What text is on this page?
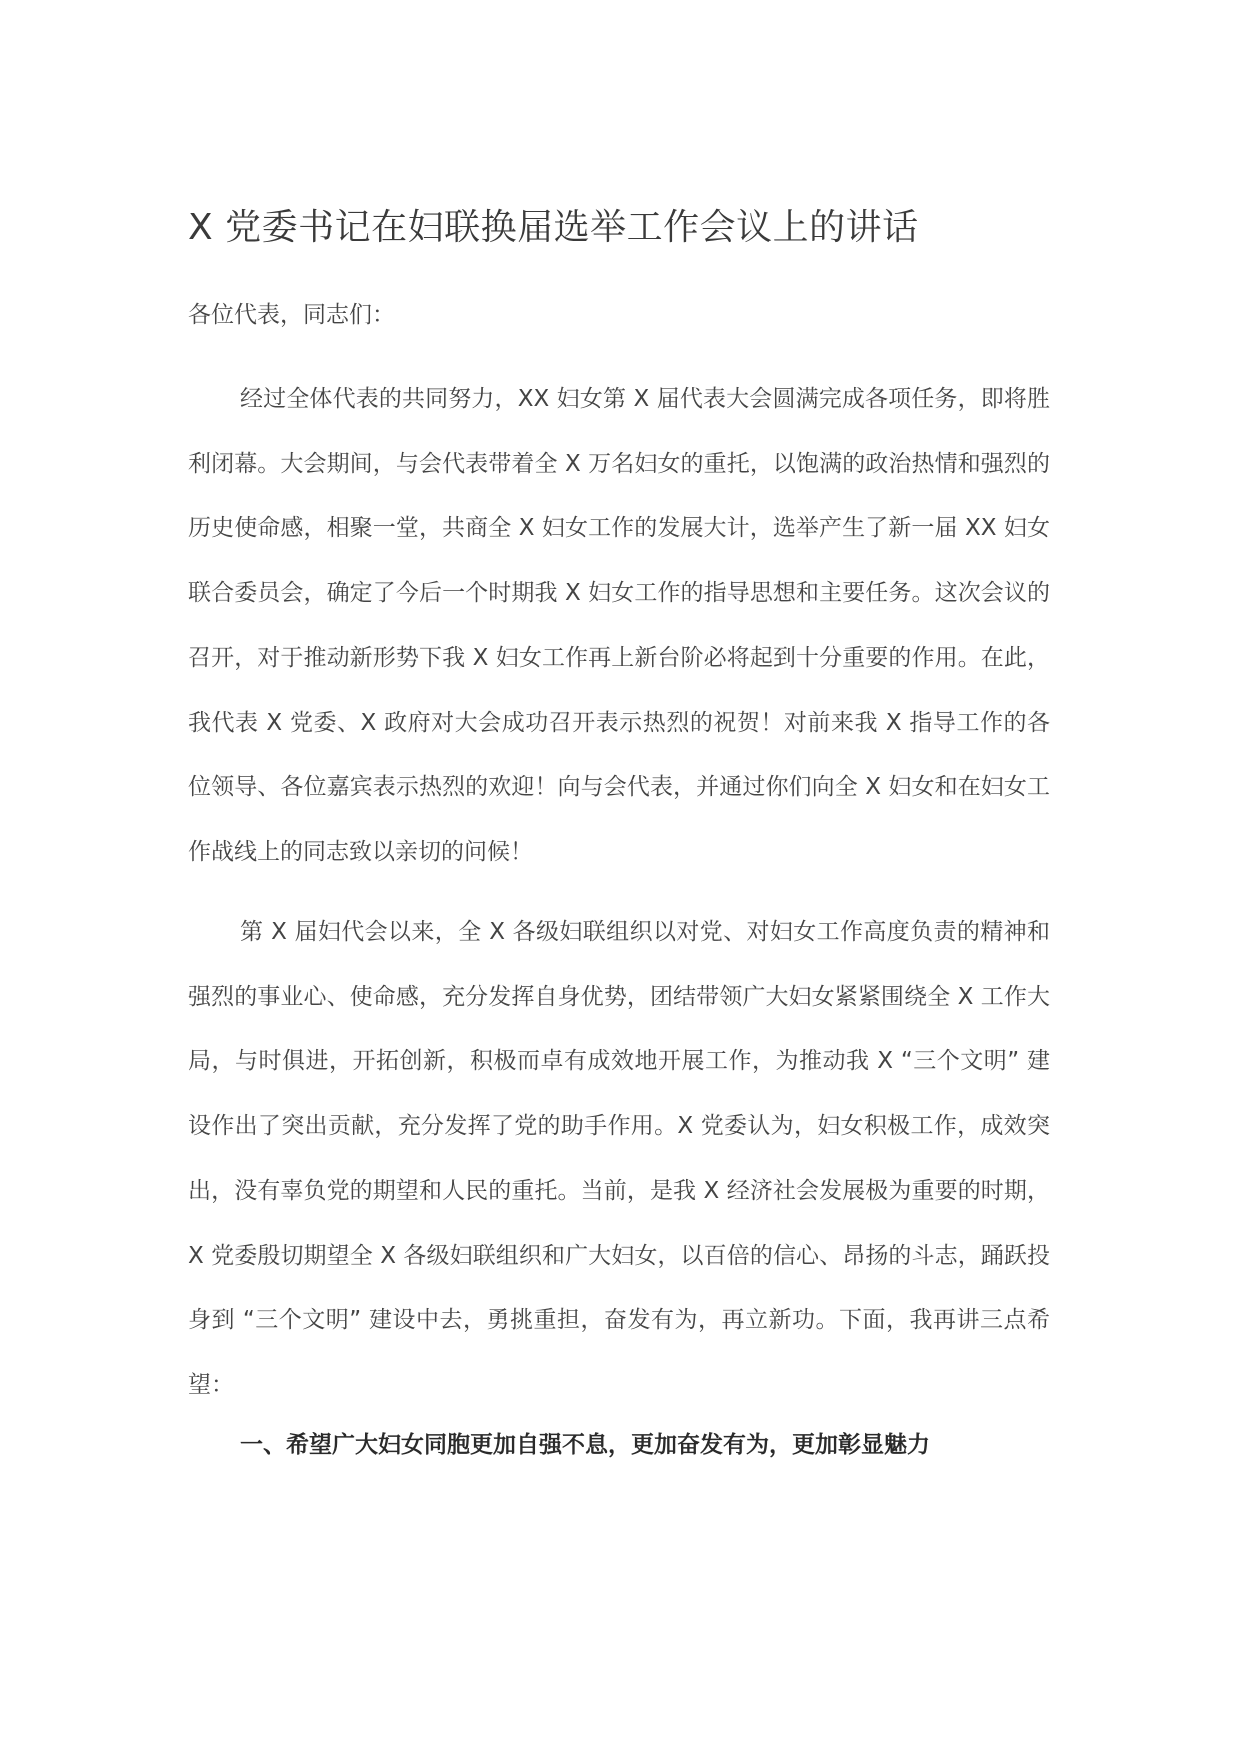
X 党委书记在妇联换届选举工作会议上的讲话
各位代表，同志们：

经过全体代表的共同努力，XX 妇女第 X 届代表大会圆满完成各项任务，即将胜利闭幕。大会期间，与会代表带着全 X 万名妇女的重托，以饱满的政治热情和强烈的历史使命感，相聚一堂，共商全 X 妇女工作的发展大计，选举产生了新一届 XX 妇女联合委员会，确定了今后一个时期我 X 妇女工作的指导思想和主要任务。这次会议的召开，对于推动新形势下我 X 妇女工作再上新台阶必将起到十分重要的作用。在此，我代表 X 党委、X 政府对大会成功召开表示热烈的祝贺！对前来我 X 指导工作的各位领导、各位嘉宾表示热烈的欢迎！向与会代表，并通过你们向全 X 妇女和在妇女工作战线上的同志致以亲切的问候！

第 X 届妇代会以来，全 X 各级妇联组织以对党、对妇女工作高度负责的精神和强烈的事业心、使命感，充分发挥自身优势，团结带领广大妇女紧紧围绕全 X 工作大局，与时俱进，开拓创新，积极而卓有成效地开展工作，为推动我 X “三个文明” 建设作出了突出贡献，充分发挥了党的助手作用。X 党委认为，妇女积极工作，成效突出，没有辜负党的期望和人民的重托。当前，是我 X 经济社会发展极为重要的时期，X 党委殷切期望全 X 各级妇联组织和广大妇女，以百倍的信心、昂扬的斗志，踊跃投身到 “三个文明” 建设中去，勇挑重担，奋发有为，再立新功。下面，我再讲三点希望：

一、希望广大妇女同胞更加自强不息，更加奋发有为，更加彰显魅力
